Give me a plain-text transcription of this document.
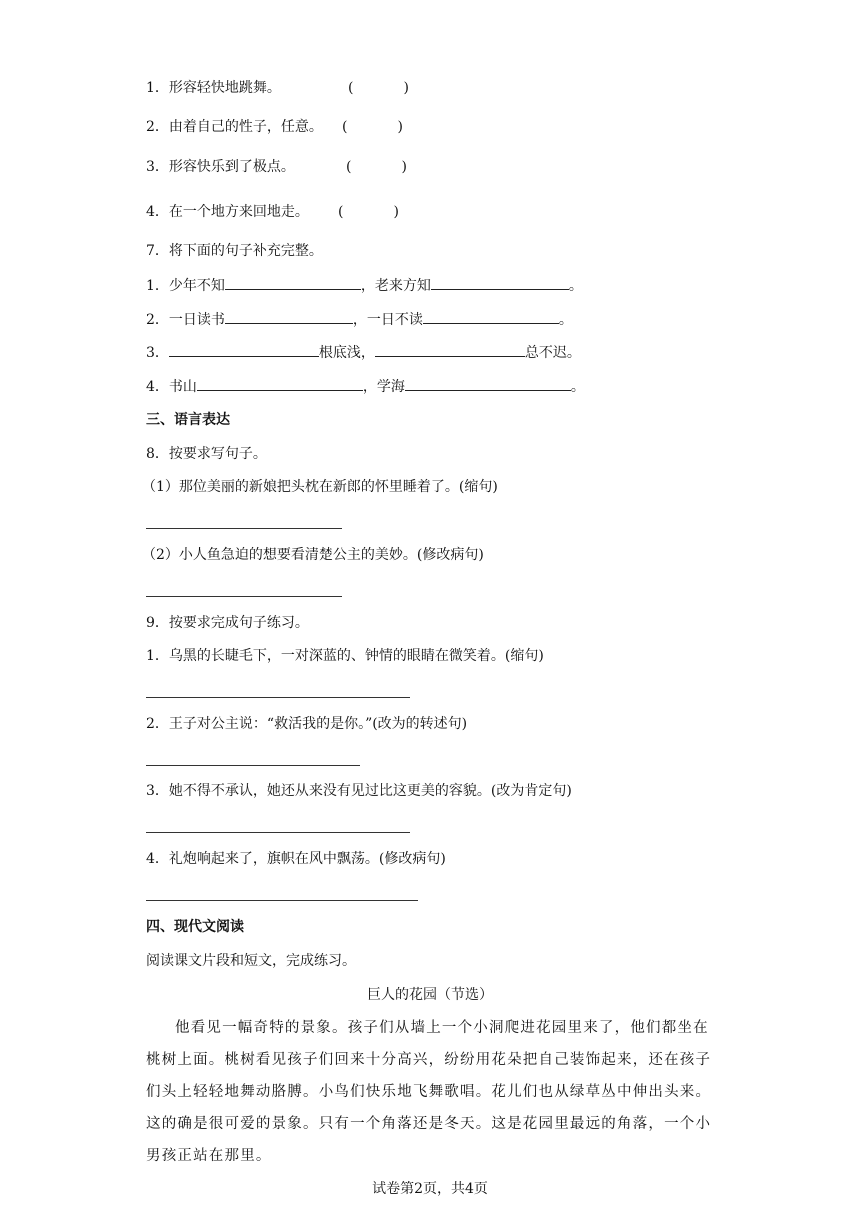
1．形容轻快地跳舞。	(	)
2．由着自己的性子，任意。 (	)
3．形容快乐到了极点。	(	)
4．在一个地方来回地走。 (	)
7．将下面的句子补充完整。
1．少年不知	，老来方知	。
2．一日读书	，一日不读	。
3．	根底浅，	总不迟。
4．书山	，学海	。
三、语言表达
8．按要求写句子。
（1）那位美丽的新娘把头枕在新郎的怀里睡着了。(缩句)
（2）小人鱼急迫的想要看清楚公主的美妙。(修改病句)
9．按要求完成句子练习。
1．乌黑的长睫毛下，一对深蓝的、钟情的眼睛在微笑着。(缩句)
2．王子对公主说：“救活我的是你。”(改为的转述句)
3．她不得不承认，她还从来没有见过比这更美的容貌。(改为肯定句)
4．礼炮响起来了，旗帜在风中飘荡。(修改病句)
四、现代文阅读
阅读课文片段和短文，完成练习。
巨人的花园（节选）
他看见一幅奇特的景象。孩子们从墙上一个小洞爬进花园里来了，他们都坐在桃树上面。桃树看见孩子们回来十分高兴，纷纷用花朵把自己装饰起来，还在孩子们头上轻轻地舞动胳膊。小鸟们快乐地飞舞歌唱。花儿们也从绿草丛中伸出头来。这的确是很可爱的景象。只有一个角落还是冬天。这是花园里最远的角落，一个小男孩正站在那里。
试卷第2页，共4页
